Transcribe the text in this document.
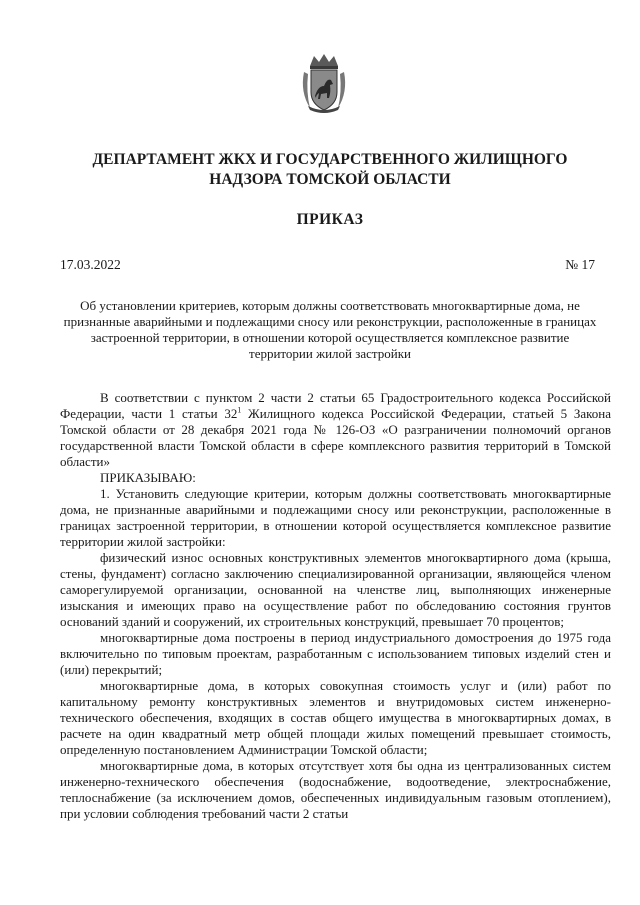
ДЕПАРТАМЕНТ ЖКХ И ГОСУДАРСТВЕННОГО ЖИЛИЩНОГО
НАДЗОРА ТОМСКОЙ ОБЛАСТИ
ПРИКАЗ
17.03.2022	№ 17
Об установлении критериев, которым должны соответствовать многоквартирные дома, не признанные аварийными и подлежащими сносу или реконструкции, расположенные в границах застроенной территории, в отношении которой осуществляется комплексное развитие территории жилой застройки

В соответствии с пунктом 2 части 2 статьи 65 Градостроительного кодекса Российской Федерации, части 1 статьи $32^1$ Жилищного кодекса Российской Федерации, статьей 5 Закона Томской области от 28 декабря 2021 года № 126-ОЗ «О разграничении полномочий органов государственной власти Томской области в сфере комплексного развития территорий в Томской области»

ПРИКАЗЫВАЮ:

1. Установить следующие критерии, которым должны соответствовать многоквартирные дома, не признанные аварийными и подлежащими сносу или реконструкции, расположенные в границах застроенной территории, в отношении которой осуществляется комплексное развитие территории жилой застройки:

физический износ основных конструктивных элементов многоквартирного дома (крыша, стены, фундамент) согласно заключению специализированной организации, являющейся членом саморегулируемой организации, основанной на членстве лиц, выполняющих инженерные изыскания и имеющих право на осуществление работ по обследованию состояния грунтов оснований зданий и сооружений, их строительных конструкций, превышает 70 процентов;

многоквартирные дома построены в период индустриального домостроения до 1975 года включительно по типовым проектам, разработанным с использованием типовых изделий стен и (или) перекрытий;

многоквартирные дома, в которых совокупная стоимость услуг и (или) работ по капитальному ремонту конструктивных элементов и внутридомовых систем инженерно-технического обеспечения, входящих в состав общего имущества в многоквартирных домах, в расчете на один квадратный метр общей площади жилых помещений превышает стоимость, определенную постановлением Администрации Томской области;

многоквартирные дома, в которых отсутствует хотя бы одна из централизованных систем инженерно-технического обеспечения (водоснабжение, водоотведение, электроснабжение, теплоснабжение (за исключением домов, обеспеченных индивидуальным газовым отоплением), при условии соблюдения требований части 2 статьи
